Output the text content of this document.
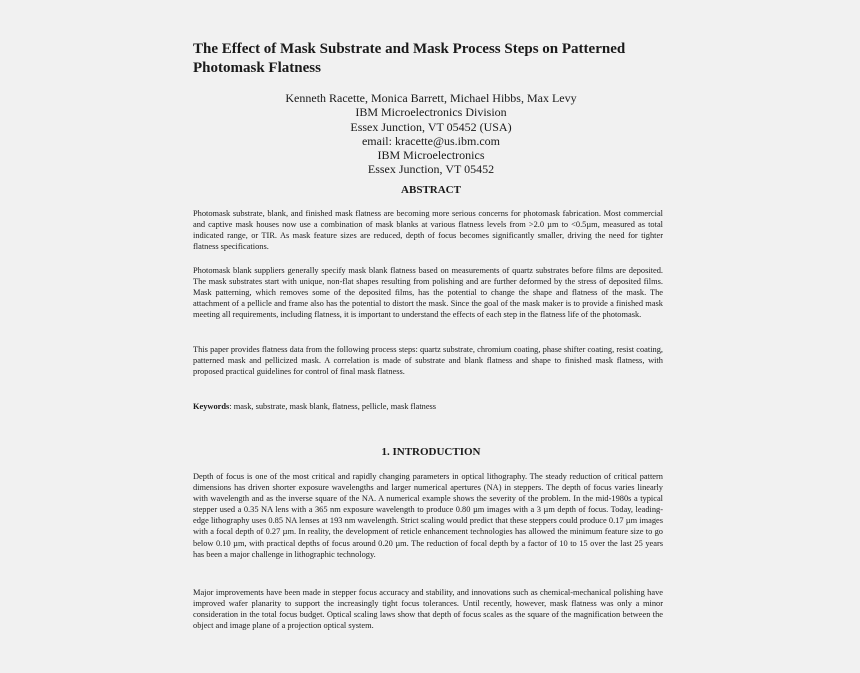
The Effect of Mask Substrate and Mask Process Steps on Patterned Photomask Flatness
Kenneth Racette, Monica Barrett, Michael Hibbs, Max Levy
IBM Microelectronics Division
Essex Junction, VT 05452 (USA)
email: kracette@us.ibm.com
IBM Microelectronics
Essex Junction, VT 05452
ABSTRACT

Photomask substrate, blank, and finished mask flatness are becoming more serious concerns for photomask fabrication. Most commercial and captive mask houses now use a combination of mask blanks at various flatness levels from >2.0 µm to <0.5µm, measured as total indicated range, or TIR. As mask feature sizes are reduced, depth of focus becomes significantly smaller, driving the need for tighter flatness specifications.

Photomask blank suppliers generally specify mask blank flatness based on measurements of quartz substrates before films are deposited. The mask substrates start with unique, non-flat shapes resulting from polishing and are further deformed by the stress of deposited films. Mask patterning, which removes some of the deposited films, has the potential to change the shape and flatness of the mask. The attachment of a pellicle and frame also has the potential to distort the mask. Since the goal of the mask maker is to provide a finished mask meeting all requirements, including flatness, it is important to understand the effects of each step in the flatness life of the photomask.

This paper provides flatness data from the following process steps: quartz substrate, chromium coating, phase shifter coating, resist coating, patterned mask and pellicized mask. A correlation is made of substrate and blank flatness and shape to finished mask flatness, with proposed practical guidelines for control of final mask flatness.

Keywords: mask, substrate, mask blank, flatness, pellicle, mask flatness

1. INTRODUCTION

Depth of focus is one of the most critical and rapidly changing parameters in optical lithography. The steady reduction of critical pattern dimensions has driven shorter exposure wavelengths and larger numerical apertures (NA) in steppers. The depth of focus varies linearly with wavelength and as the inverse square of the NA. A numerical example shows the severity of the problem. In the mid-1980s a typical stepper used a 0.35 NA lens with a 365 nm exposure wavelength to produce 0.80 µm images with a 3 µm depth of focus. Today, leading-edge lithography uses 0.85 NA lenses at 193 nm wavelength. Strict scaling would predict that these steppers could produce 0.17 µm images with a focal depth of 0.27 µm. In reality, the development of reticle enhancement technologies has allowed the minimum feature size to go below 0.10 µm, with practical depths of focus around 0.20 µm. The reduction of focal depth by a factor of 10 to 15 over the last 25 years has been a major challenge in lithographic technology.

Major improvements have been made in stepper focus accuracy and stability, and innovations such as chemical-mechanical polishing have improved wafer planarity to support the increasingly tight focus tolerances. Until recently, however, mask flatness was only a minor consideration in the total focus budget. Optical scaling laws show that depth of focus scales as the square of the magnification between the object and image plane of a projection optical system.
